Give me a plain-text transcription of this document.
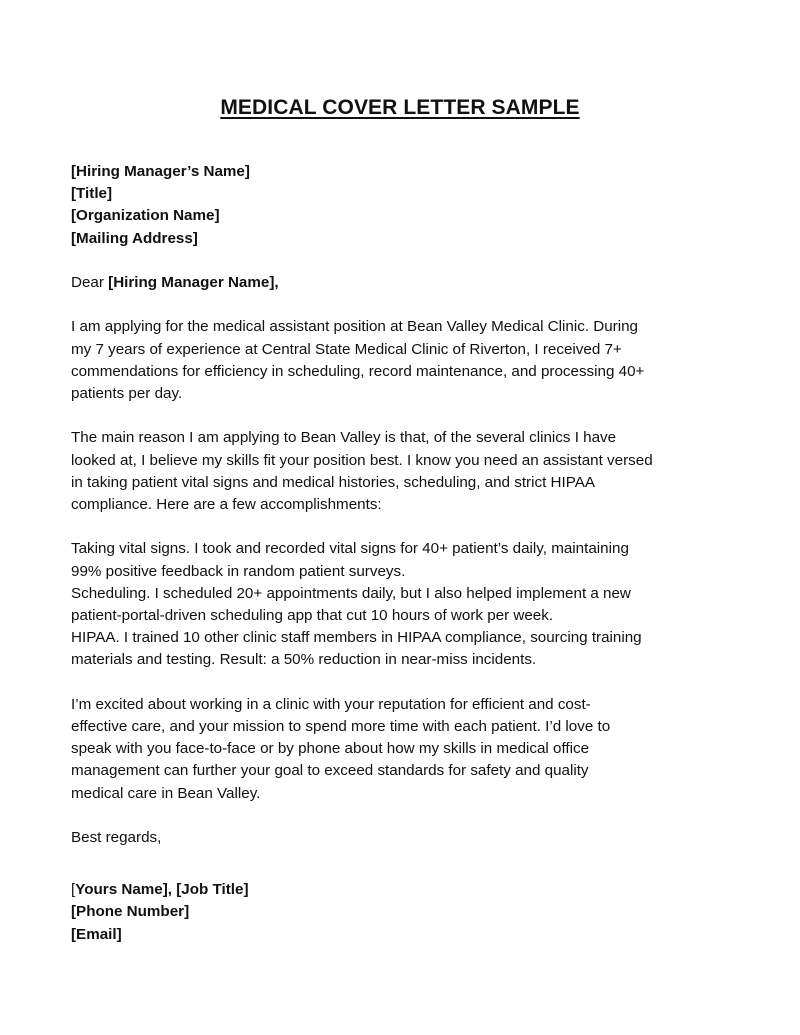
MEDICAL COVER LETTER SAMPLE
[Hiring Manager’s Name]
[Title]
[Organization Name]
[Mailing Address]
Dear [Hiring Manager Name],
I am applying for the medical assistant position at Bean Valley Medical Clinic. During
my 7 years of experience at Central State Medical Clinic of Riverton, I received 7+
commendations for efficiency in scheduling, record maintenance, and processing 40+
patients per day.
The main reason I am applying to Bean Valley is that, of the several clinics I have
looked at, I believe my skills fit your position best. I know you need an assistant versed
in taking patient vital signs and medical histories, scheduling, and strict HIPAA
compliance. Here are a few accomplishments:
Taking vital signs. I took and recorded vital signs for 40+ patient’s daily, maintaining
99% positive feedback in random patient surveys.
Scheduling. I scheduled 20+ appointments daily, but I also helped implement a new
patient-portal-driven scheduling app that cut 10 hours of work per week.
HIPAA. I trained 10 other clinic staff members in HIPAA compliance, sourcing training
materials and testing. Result: a 50% reduction in near-miss incidents.
I’m excited about working in a clinic with your reputation for efficient and cost-
effective care, and your mission to spend more time with each patient. I’d love to
speak with you face-to-face or by phone about how my skills in medical office
management can further your goal to exceed standards for safety and quality
medical care in Bean Valley.
Best regards,
[Yours Name], [Job Title]
[Phone Number]
[Email]
